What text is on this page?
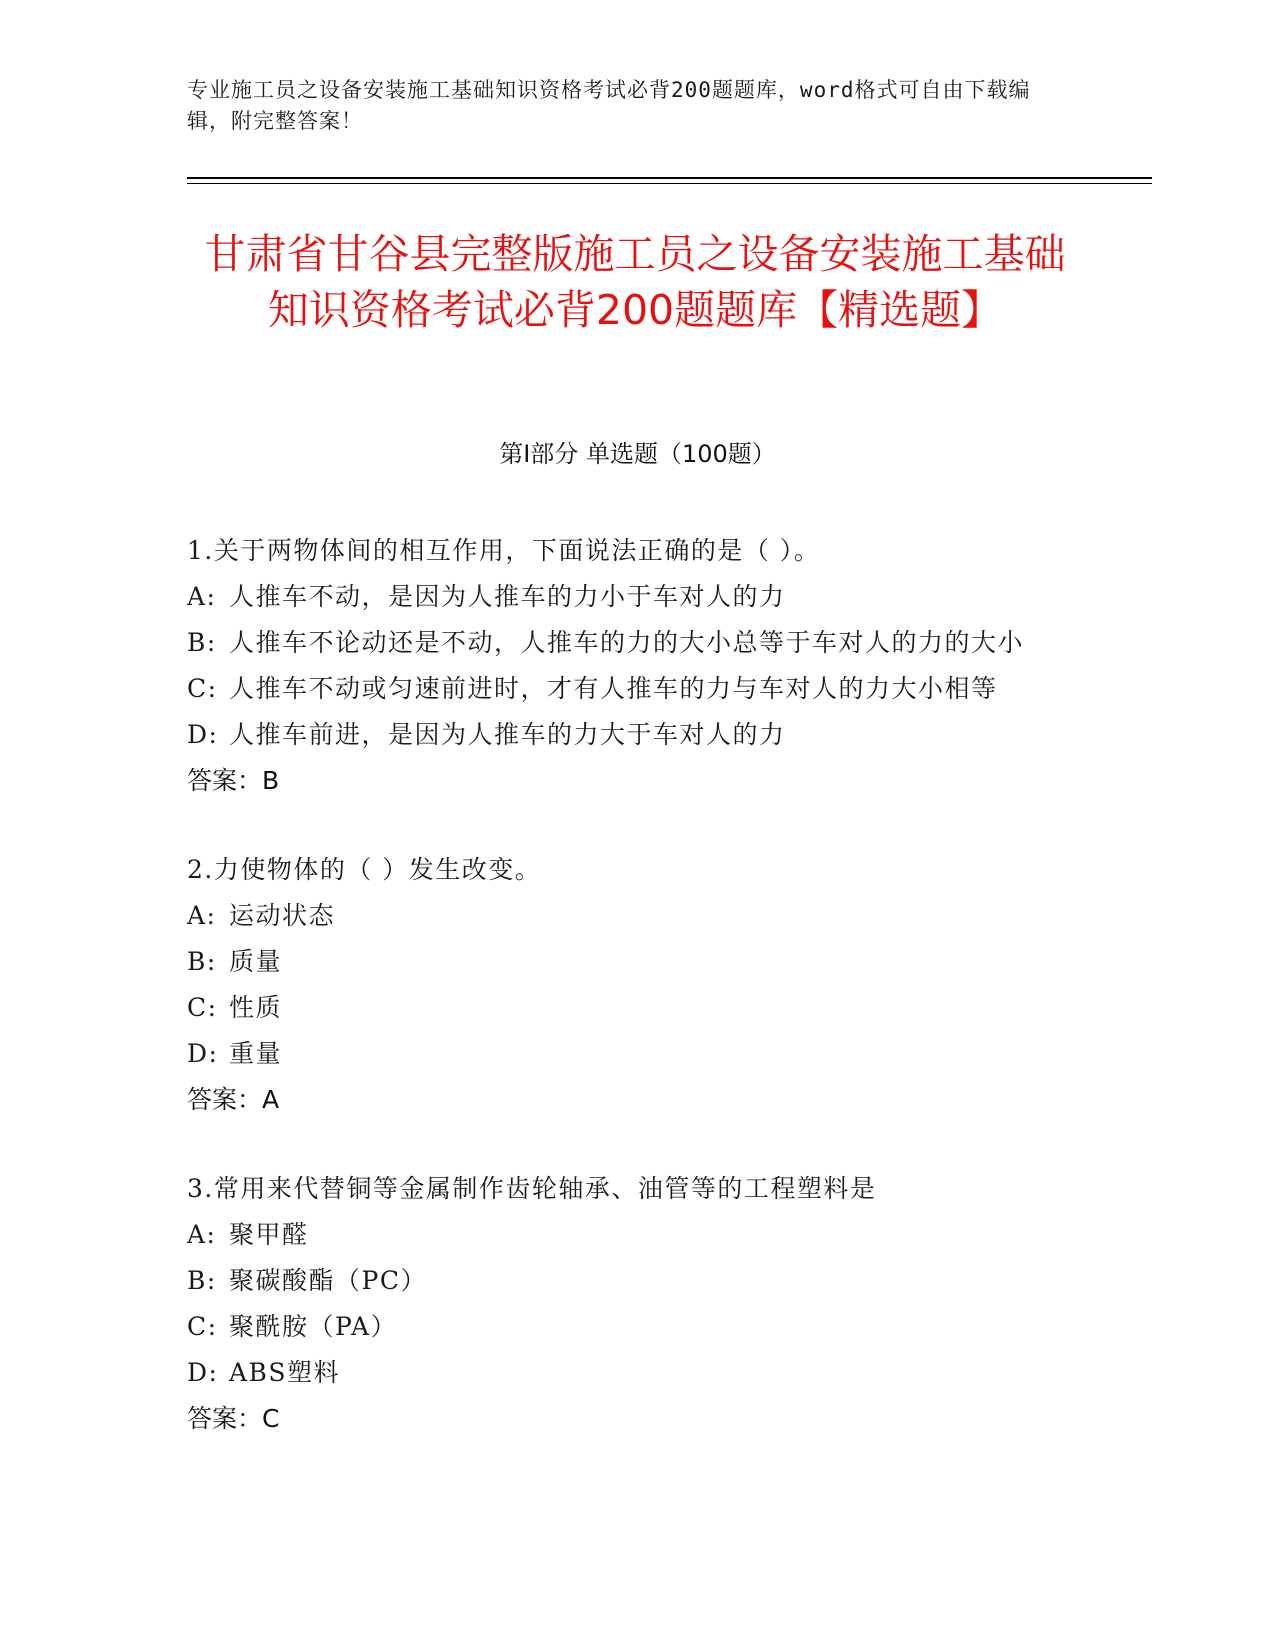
专业施工员之设备安装施工基础知识资格考试必背200题题库，word格式可自由下载编辑，附完整答案！
甘肃省甘谷县完整版施工员之设备安装施工基础知识资格考试必背200题题库【精选题】
第Ⅰ部分 单选题（100题）

1.关于两物体间的相互作用，下面说法正确的是（ ）。

A: 人推车不动，是因为人推车的力小于车对人的力

B: 人推车不论动还是不动，人推车的力的大小总等于车对人的力的大小

C: 人推车不动或匀速前进时，才有人推车的力与车对人的力大小相等

D: 人推车前进，是因为人推车的力大于车对人的力

答案：B

2.力使物体的（ ）发生改变。

A: 运动状态

B: 质量

C: 性质

D: 重量

答案：A

3.常用来代替铜等金属制作齿轮轴承、油管等的工程塑料是

A: 聚甲醛

B: 聚碳酸酯（PC）

C: 聚酰胺（PA）

D: ABS塑料

答案：C
